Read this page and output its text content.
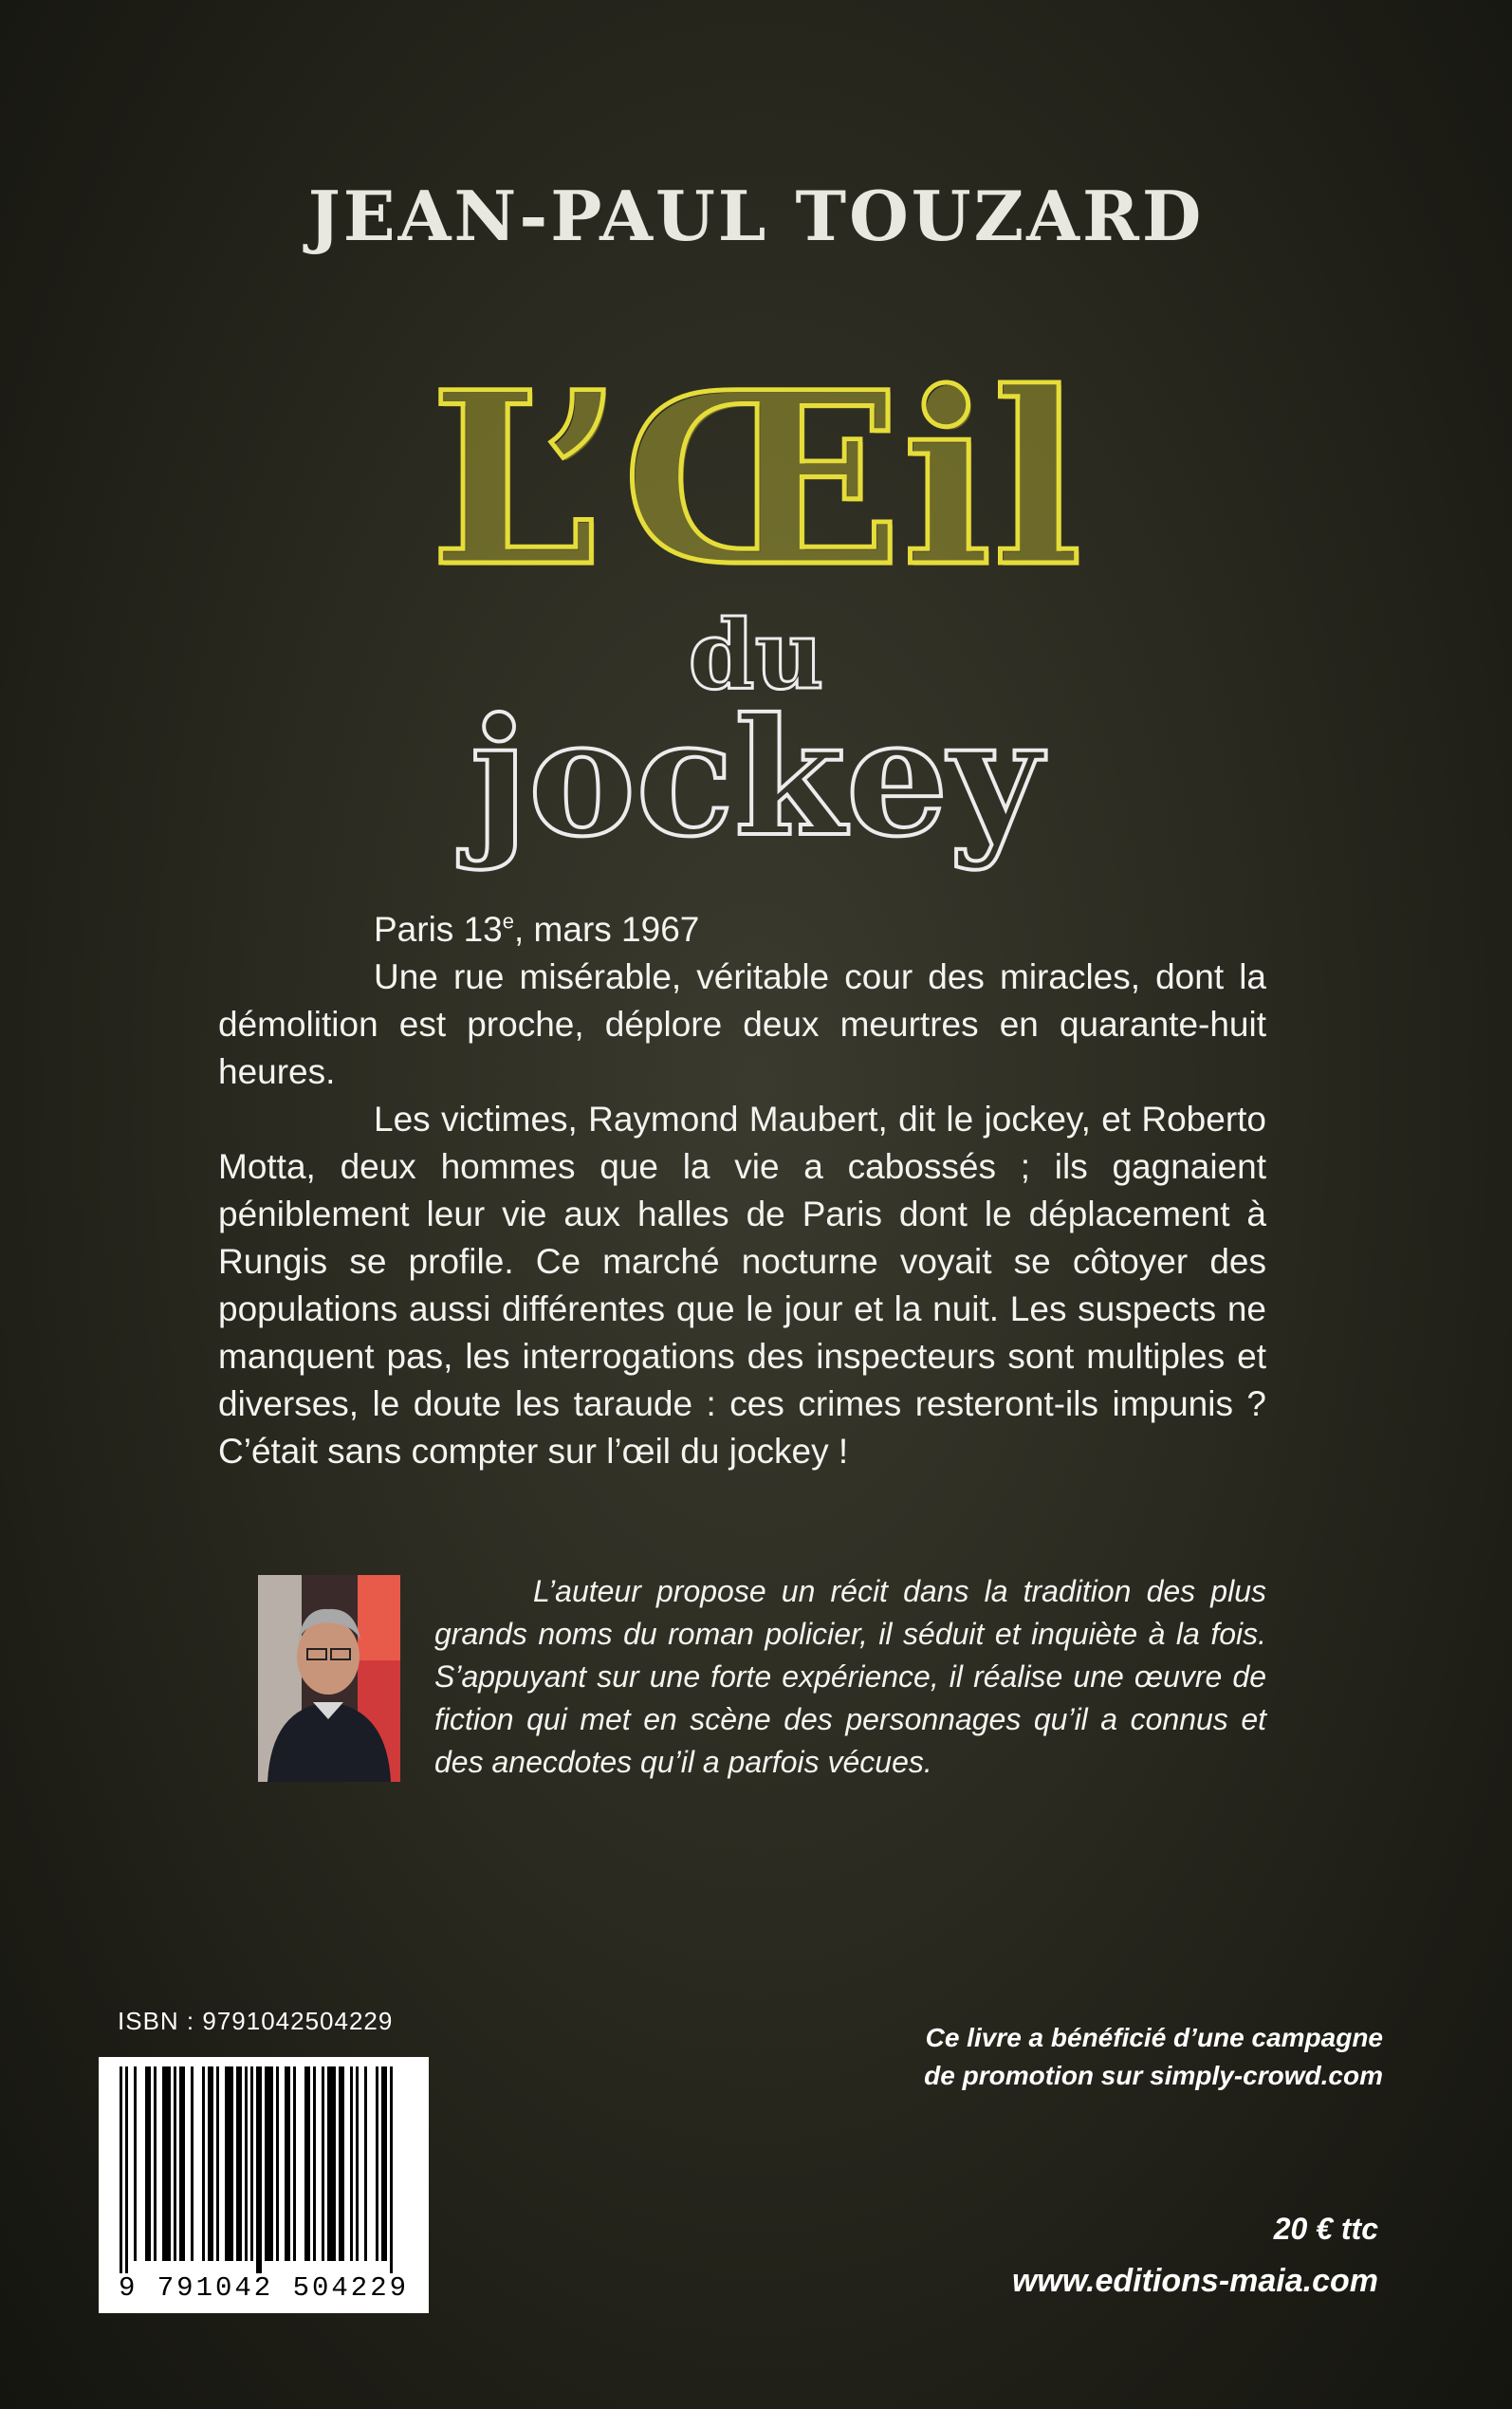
JEAN-PAUL TOUZARD
L’Œil
du
jockey

Paris 13e, mars 1967

Une rue misérable, véritable cour des miracles, dont la démolition est proche, déplore deux meurtres en quarante-huit heures.

Les victimes, Raymond Maubert, dit le jockey, et Roberto Motta, deux hommes que la vie a cabossés ; ils gagnaient péniblement leur vie aux halles de Paris dont le déplacement à Rungis se profile. Ce marché nocturne voyait se côtoyer des populations aussi différentes que le jour et la nuit. Les suspects ne manquent pas, les interrogations des inspecteurs sont multiples et diverses, le doute les taraude : ces crimes resteront-ils impunis ? C’était sans compter sur l’œil du jockey !

L’auteur propose un récit dans la tradition des plus grands noms du roman policier, il séduit et inquiète à la fois. S’appuyant sur une forte expérience, il réalise une œuvre de fiction qui met en scène des personnages qu’il a connus et des anecdotes qu’il a parfois vécues.
ISBN : 9791042504229
9 791042 504229
Ce livre a bénéficié d’une campagne
de promotion sur simply-crowd.com
20 € ttc
www.editions-maia.com
